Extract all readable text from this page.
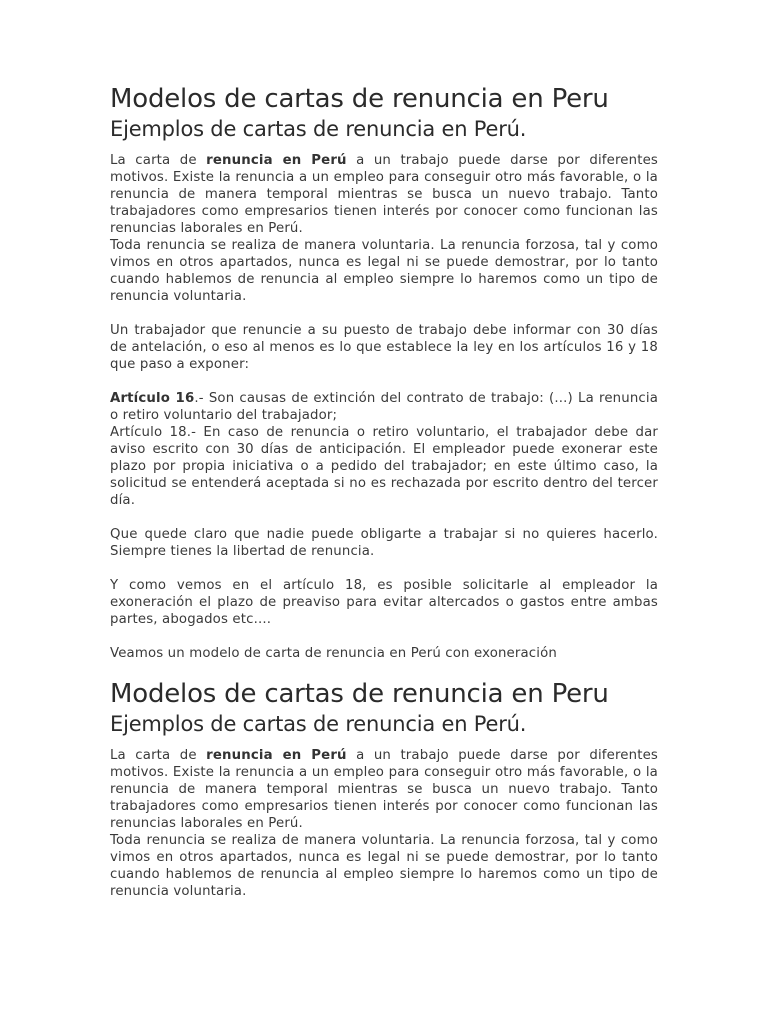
Modelos de cartas de renuncia en Peru
Ejemplos de cartas de renuncia en Perú.

La carta de renuncia en Perú a un trabajo puede darse por diferentes motivos. Existe la renuncia a un empleo para conseguir otro más favorable, o la renuncia de manera temporal mientras se busca un nuevo trabajo. Tanto trabajadores como empresarios tienen interés por conocer como funcionan las renuncias laborales en Perú.

Toda renuncia se realiza de manera voluntaria. La renuncia forzosa, tal y como vimos en otros apartados, nunca es legal ni se puede demostrar, por lo tanto cuando hablemos de renuncia al empleo siempre lo haremos como un tipo de renuncia voluntaria.

Un trabajador que renuncie a su puesto de trabajo debe informar con 30 días de antelación, o eso al menos es lo que establece la ley en los artículos 16 y 18 que paso a exponer:

Artículo 16.- Son causas de extinción del contrato de trabajo: (...) La renuncia o retiro voluntario del trabajador;

Artículo 18.- En caso de renuncia o retiro voluntario, el trabajador debe dar aviso escrito con 30 días de anticipación. El empleador puede exonerar este plazo por propia iniciativa o a pedido del trabajador; en este último caso, la solicitud se entenderá aceptada si no es rechazada por escrito dentro del tercer día.

Que quede claro que nadie puede obligarte a trabajar si no quieres hacerlo. Siempre tienes la libertad de renuncia.

Y como vemos en el artículo 18, es posible solicitarle al empleador la exoneración el plazo de preaviso para evitar altercados o gastos entre ambas partes, abogados etc....

Veamos un modelo de carta de renuncia en Perú con exoneración

Modelos de cartas de renuncia en Peru
Ejemplos de cartas de renuncia en Perú.

La carta de renuncia en Perú a un trabajo puede darse por diferentes motivos. Existe la renuncia a un empleo para conseguir otro más favorable, o la renuncia de manera temporal mientras se busca un nuevo trabajo. Tanto trabajadores como empresarios tienen interés por conocer como funcionan las renuncias laborales en Perú.

Toda renuncia se realiza de manera voluntaria. La renuncia forzosa, tal y como vimos en otros apartados, nunca es legal ni se puede demostrar, por lo tanto cuando hablemos de renuncia al empleo siempre lo haremos como un tipo de renuncia voluntaria.
